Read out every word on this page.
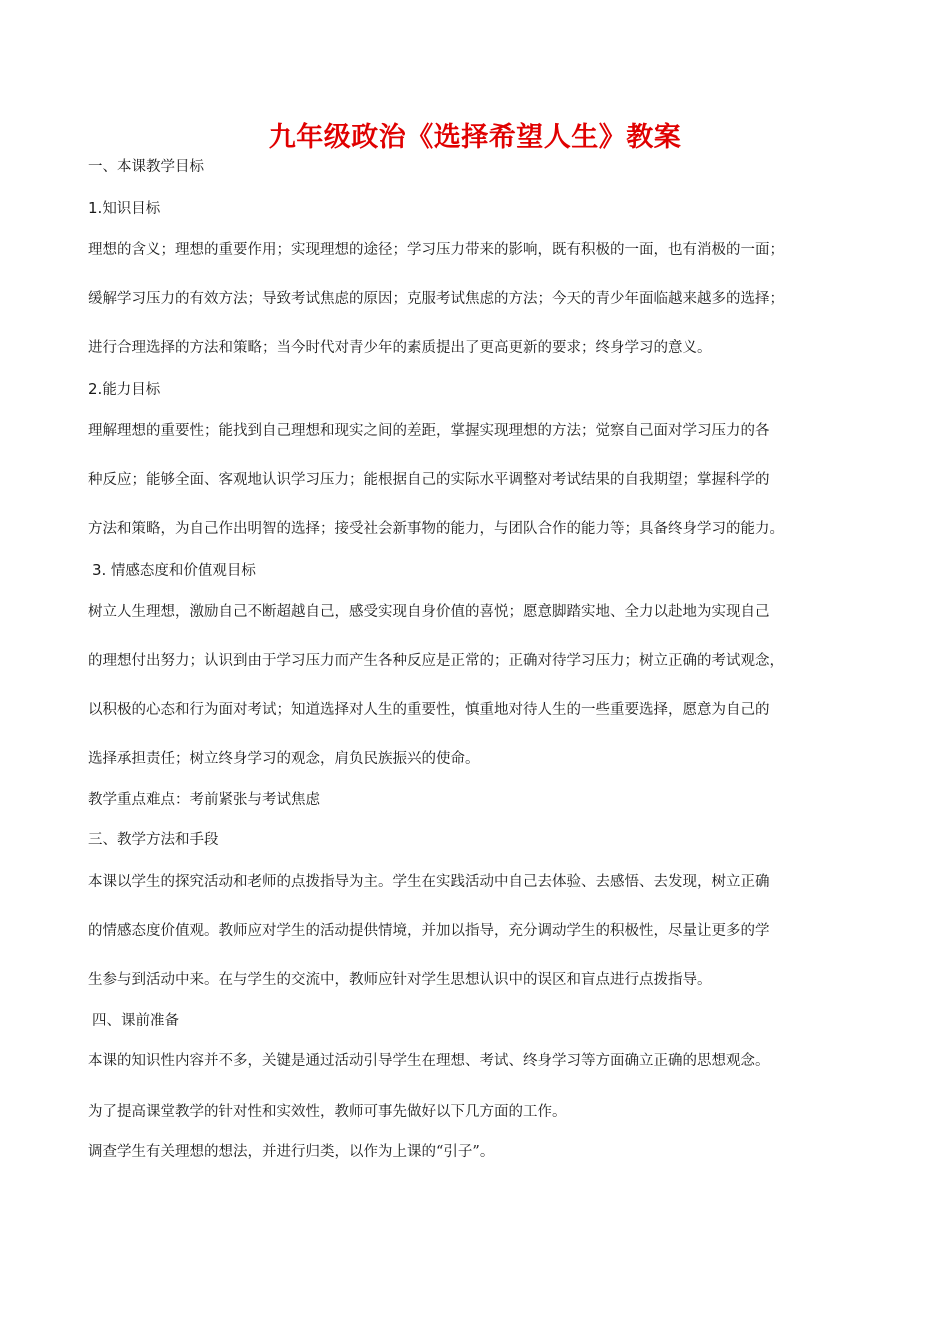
九年级政治《选择希望人生》教案
一、本课教学目标
1.知识目标
理想的含义；理想的重要作用；实现理想的途径；学习压力带来的影响，既有积极的一面，也有消极的一面；
缓解学习压力的有效方法；导致考试焦虑的原因；克服考试焦虑的方法；今天的青少年面临越来越多的选择；
进行合理选择的方法和策略；当今时代对青少年的素质提出了更高更新的要求；终身学习的意义。
2.能力目标
理解理想的重要性；能找到自己理想和现实之间的差距，掌握实现理想的方法；觉察自己面对学习压力的各
种反应；能够全面、客观地认识学习压力；能根据自己的实际水平调整对考试结果的自我期望；掌握科学的
方法和策略，为自己作出明智的选择；接受社会新事物的能力，与团队合作的能力等；具备终身学习的能力。
3. 情感态度和价值观目标
树立人生理想，激励自己不断超越自己，感受实现自身价值的喜悦；愿意脚踏实地、全力以赴地为实现自己
的理想付出努力；认识到由于学习压力而产生各种反应是正常的；正确对待学习压力；树立正确的考试观念，
以积极的心态和行为面对考试；知道选择对人生的重要性，慎重地对待人生的一些重要选择，愿意为自己的
选择承担责任；树立终身学习的观念，肩负民族振兴的使命。
教学重点难点：考前紧张与考试焦虑
三、教学方法和手段
本课以学生的探究活动和老师的点拨指导为主。学生在实践活动中自己去体验、去感悟、去发现，树立正确
的情感态度价值观。教师应对学生的活动提供情境，并加以指导，充分调动学生的积极性，尽量让更多的学
生参与到活动中来。在与学生的交流中，教师应针对学生思想认识中的误区和盲点进行点拨指导。
四、课前准备
本课的知识性内容并不多，关键是通过活动引导学生在理想、考试、终身学习等方面确立正确的思想观念。
为了提高课堂教学的针对性和实效性，教师可事先做好以下几方面的工作。
调查学生有关理想的想法，并进行归类，以作为上课的“引子”。
